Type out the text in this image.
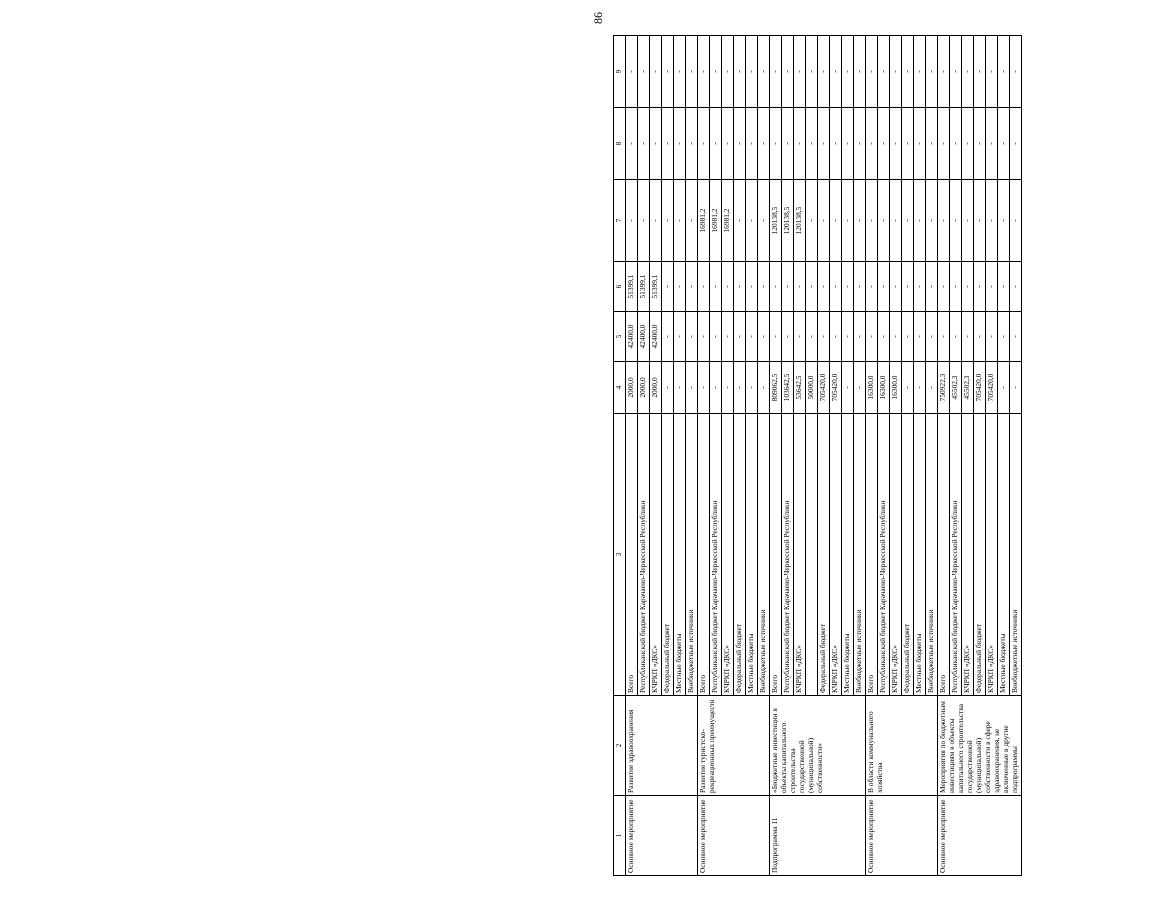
86
1	2	3	4	5	6	7	8	9
Основное мероприятие	Развитие здравоохранения	Всего	2000,0	42400,0	51399,1	-	-	-
		Республиканский бюджет Карачаево-Черкесской Республики	2000,0	42400,0	51399,1	-	-	-
		КЧРКП «ДКС»	2000,0	42400,0	51399,1	-	-	-
		Федеральный бюджет	-	-	-	-	-	-
		Местные бюджеты	-	-	-	-	-	-
		Внебюджетные источники	-	-	-	-	-	-
Основное мероприятие	Развитие туристско-рекреационных преимуществ	Всего	-	-	-	16981,2	-	-
		Республиканский бюджет Карачаево-Черкесской Республики	-	-	-	16981,2	-	-
		КЧРКП «ДКС»	-	-	-	16981,2	-	-
		Федеральный бюджет	-	-	-	-	-	-
		Местные бюджеты	-	-	-	-	-	-
		Внебюджетные источники	-	-	-	-	-	-
Подпрограмма 11	«Бюджетные инвестиции в объекты капитального строительства государственной (муниципальной) собственности»	Всего	809062,5	-	-	120138,5	-	-
		Республиканский бюджет Карачаево-Черкесской Республики	103642,5	-	-	120138,5	-	-
		КЧРКП «ДКС»	53642,5	-	-	120138,5	-	-
			50000,0	-	-	-	-	-
		Федеральный бюджет	705420,0	-	-	-	-	-
		КЧРКП «ДКС»	705420,0	-	-	-	-	-
		Местные бюджеты	-	-	-	-	-	-
		Внебюджетные источники	-	-	-	-	-	-
Основное мероприятие	В области коммунального хозяйства	Всего	16300,0	-	-	-	-	-
		Республиканский бюджет Карачаево-Черкесской Республики	16300,0	-	-	-	-	-
		КЧРКП «ДКС»	16300,0	-	-	-	-	-
		Федеральный бюджет	-	-	-	-	-	-
		Местные бюджеты	-	-	-	-	-	-
		Внебюджетные источники	-	-	-	-	-	-
Основное мероприятие	Мероприятия по бюджетным инвестициям в объекты капитального строительства государственной (муниципальной) собственности в сфере здравоохранения, не включенные в другие подпрограммы	Всего	750922,3	-	-	-	-	-
		Республиканский бюджет Карачаево-Черкесской Республики	45502,3	-	-	-	-	-
		КЧРКП «ДКС»	45502,3	-	-	-	-	-
		Федеральный бюджет	705420,0	-	-	-	-	-
		КЧРКП «ДКС»	705420,0	-	-	-	-	-
		Местные бюджеты	-	-	-	-	-	-
		Внебюджетные источники	-	-	-	-	-	-
